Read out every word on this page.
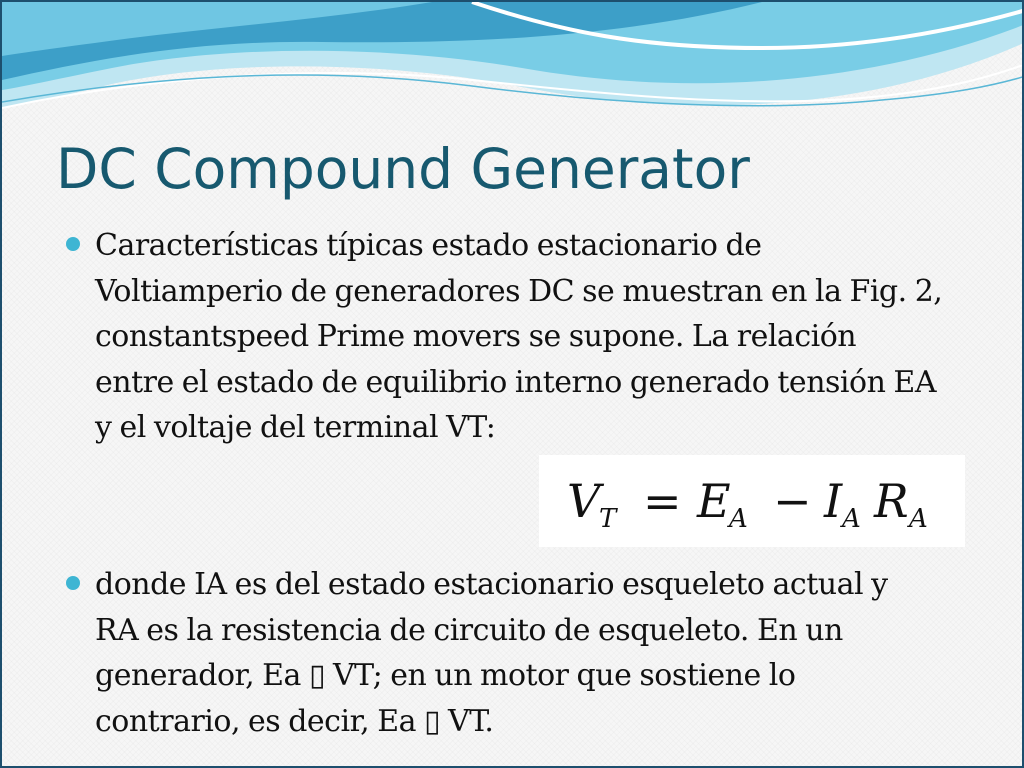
DC Compound Generator
Características típicas estado estacionario de
Voltiamperio de generadores DC se muestran en la Fig. 2,
constantspeed Prime movers se supone. La relación
entre el estado de equilibrio interno generado tensión EA
y el voltaje del terminal VT:
V
T E
A I A R A
= −
donde IA es del estado estacionario esqueleto actual y
RA es la resistencia de circuito de esqueleto. En un
generador, Ea ▯ VT; en un motor que sostiene lo
contrario, es decir, Ea ▯ VT.
